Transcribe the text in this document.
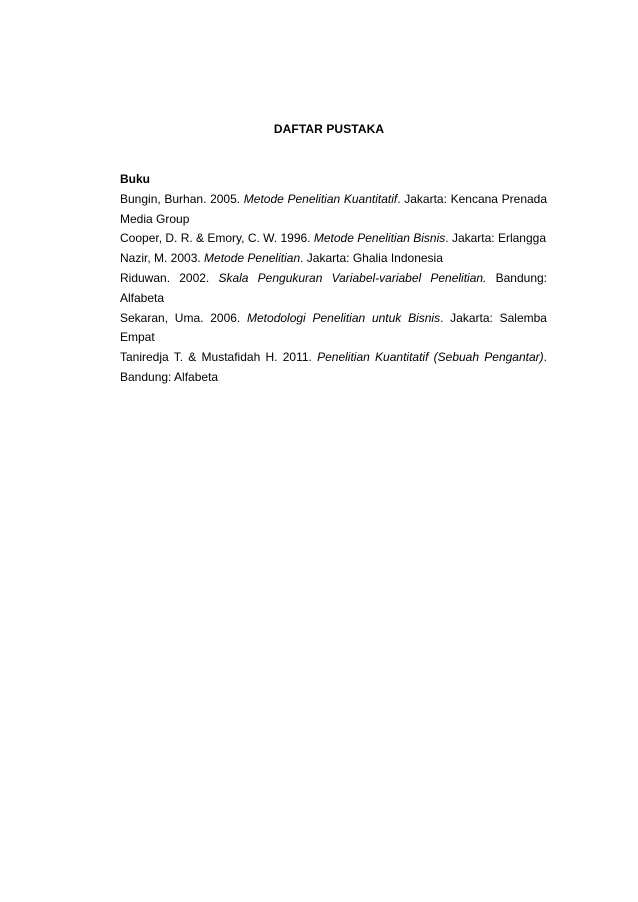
DAFTAR PUSTAKA

Buku

Bungin, Burhan. 2005. Metode Penelitian Kuantitatif. Jakarta: Kencana Prenada Media Group

Cooper, D. R. & Emory, C. W. 1996. Metode Penelitian Bisnis. Jakarta: Erlangga

Nazir, M. 2003. Metode Penelitian. Jakarta: Ghalia Indonesia

Riduwan. 2002. Skala Pengukuran Variabel-variabel Penelitian. Bandung: Alfabeta

Sekaran, Uma. 2006. Metodologi Penelitian untuk Bisnis. Jakarta: Salemba Empat

Taniredja T. & Mustafidah H. 2011. Penelitian Kuantitatif (Sebuah Pengantar). Bandung: Alfabeta
